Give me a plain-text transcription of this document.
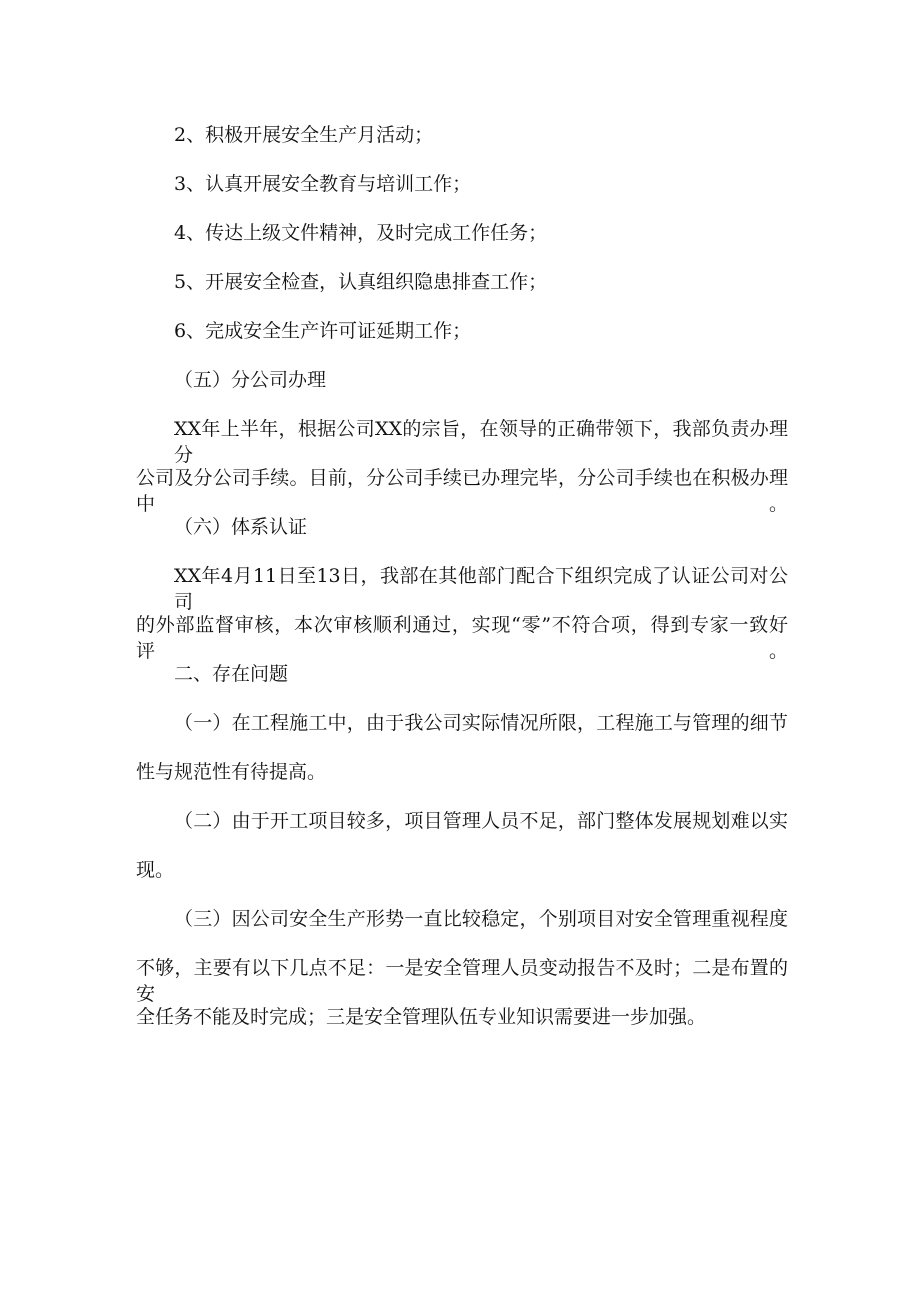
2、积极开展安全生产月活动；
3、认真开展安全教育与培训工作；
4、传达上级文件精神，及时完成工作任务；
5、开展安全检查，认真组织隐患排查工作；
6、完成安全生产许可证延期工作；
（五）分公司办理
XX年上半年，根据公司XX的宗旨，在领导的正确带领下，我部负责办理分
公司及分公司手续。目前，分公司手续已办理完毕，分公司手续也在积极办理中。
（六）体系认证
XX年4月11日至13日，我部在其他部门配合下组织完成了认证公司对公司
的外部监督审核，本次审核顺利通过，实现“零”不符合项，得到专家一致好评。
二、存在问题
（一）在工程施工中，由于我公司实际情况所限，工程施工与管理的细节
性与规范性有待提高。
（二）由于开工项目较多，项目管理人员不足，部门整体发展规划难以实
现。
（三）因公司安全生产形势一直比较稳定，个别项目对安全管理重视程度
不够，主要有以下几点不足：一是安全管理人员变动报告不及时；二是布置的安
全任务不能及时完成；三是安全管理队伍专业知识需要进一步加强。
